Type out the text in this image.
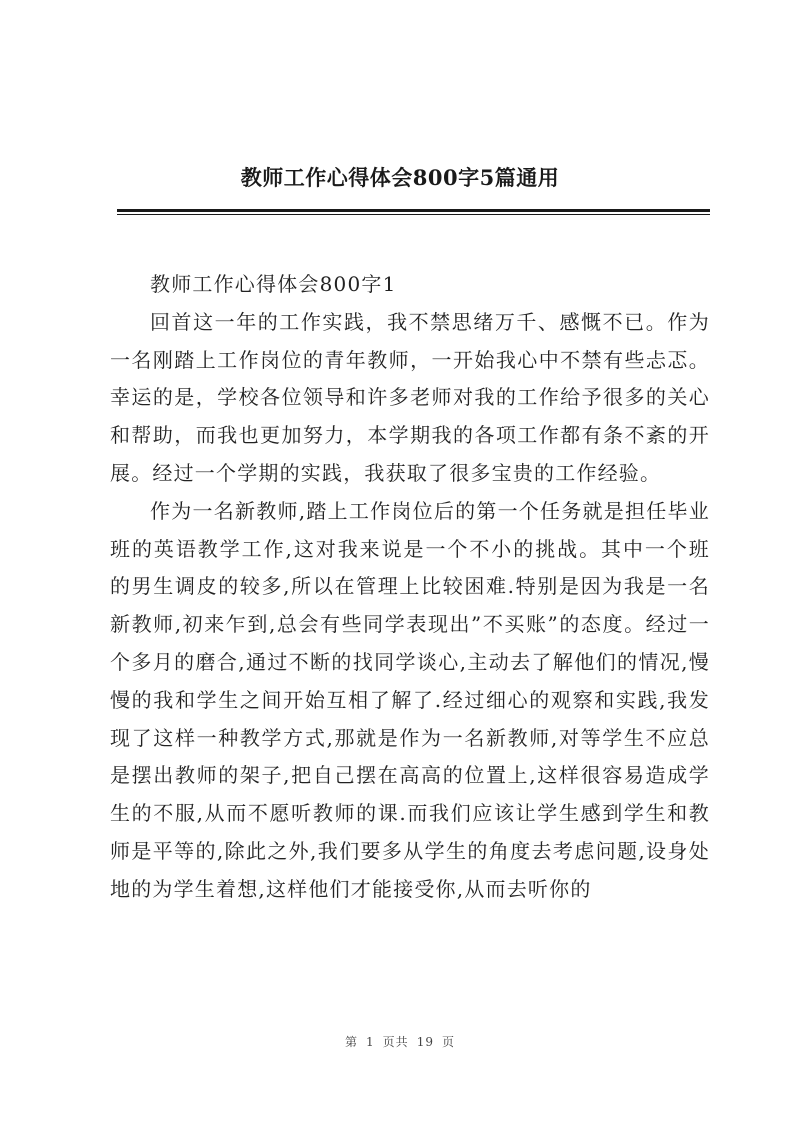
教师工作心得体会800字5篇通用

教师工作心得体会800字1

回首这一年的工作实践，我不禁思绪万千、感慨不已。作为一名刚踏上工作岗位的青年教师，一开始我心中不禁有些忐忑。幸运的是，学校各位领导和许多老师对我的工作给予很多的关心和帮助，而我也更加努力，本学期我的各项工作都有条不紊的开展。经过一个学期的实践，我获取了很多宝贵的工作经验。

作为一名新教师,踏上工作岗位后的第一个任务就是担任毕业班的英语教学工作,这对我来说是一个不小的挑战。其中一个班的男生调皮的较多,所以在管理上比较困难.特别是因为我是一名新教师,初来乍到,总会有些同学表现出”不买账”的态度。经过一个多月的磨合,通过不断的找同学谈心,主动去了解他们的情况,慢慢的我和学生之间开始互相了解了.经过细心的观察和实践,我发现了这样一种教学方式,那就是作为一名新教师,对等学生不应总是摆出教师的架子,把自己摆在高高的位置上,这样很容易造成学生的不服,从而不愿听教师的课.而我们应该让学生感到学生和教师是平等的,除此之外,我们要多从学生的角度去考虑问题,设身处地的为学生着想,这样他们才能接受你,从而去听你的

第 1 页共 19 页
